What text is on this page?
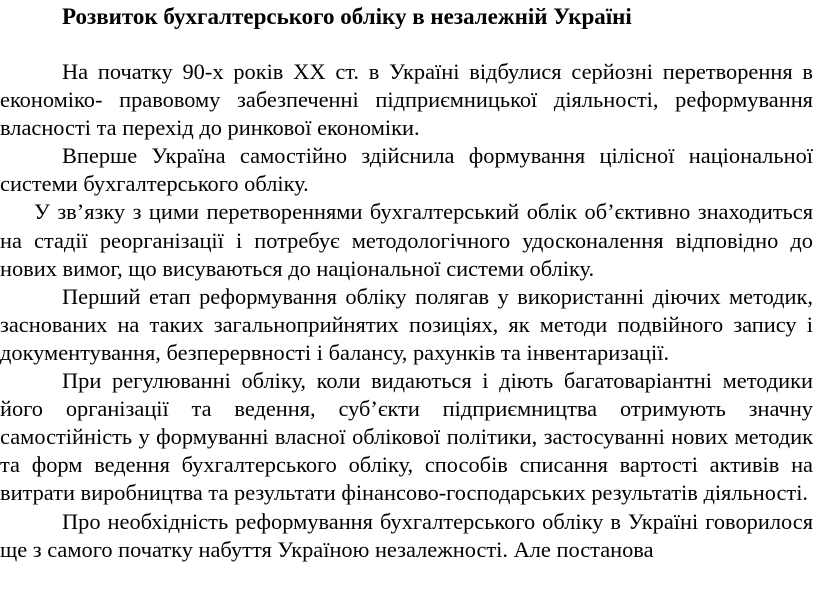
Розвиток бухгалтерського обліку в незалежній Україні

На початку 90-х років ХХ ст. в Україні відбулися серйозні перетворення в економіко- правовому забезпеченні підприємницької діяльності, реформування власності та перехід до ринкової економіки.

Вперше Україна самостійно здійснила формування цілісної національної системи бухгалтерського обліку.

У зв’язку з цими перетвореннями бухгалтерський облік об’єктивно знаходиться на стадії реорганізації і потребує методологічного удосконалення відповідно до нових вимог, що висуваються до національної системи обліку.

Перший етап реформування обліку полягав у використанні діючих методик, заснованих на таких загальноприйнятих позиціях, як методи подвійного запису і документування, безперервності і балансу, рахунків та інвентаризації.

При регулюванні обліку, коли видаються і діють багатоваріантні методики його організації та ведення, суб’єкти підприємництва отримують значну самостійність у формуванні власної облікової політики, застосуванні нових методик та форм ведення бухгалтерського обліку, способів списання вартості активів на витрати виробництва та результати фінансово-господарських результатів діяльності.

Про необхідність реформування бухгалтерського обліку в Україні говорилося ще з самого початку набуття Україною незалежності. Але постанова
